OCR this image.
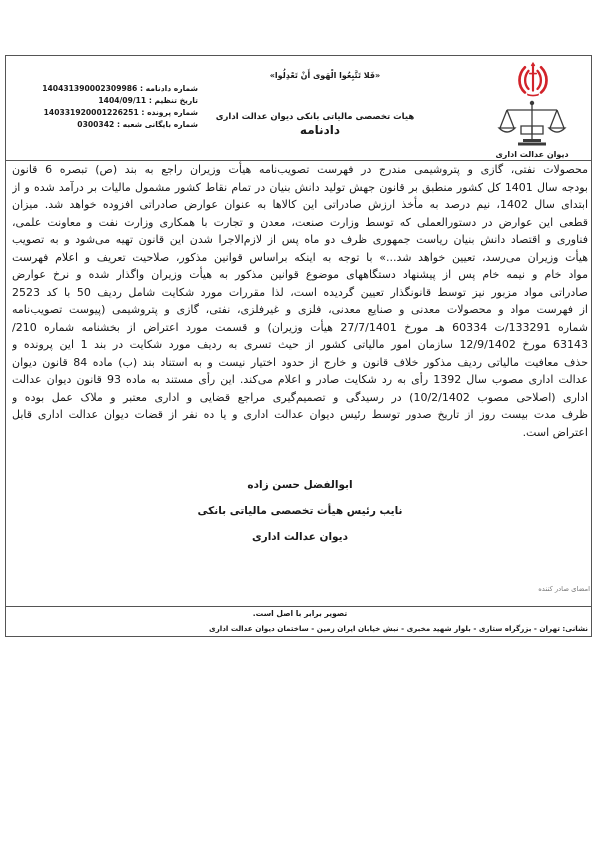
دیوان عدالت اداری
«فَلا تَتَّبِعُوا الْهَوى أَنْ تَعْدِلُوا»
هیات تخصصی مالیاتی بانکی دیوان عدالت اداری
دادنامه
شماره دادنامه : 140431390002309986
تاریخ تنظیم : 1404/09/11
شماره پرونده : 140331920001226251
شماره بایگانی شعبه : 0300342
محصولات نفتی، گازی و پتروشیمی مندرج در فهرست تصویب‌نامه هیأت وزیران راجع به بند (ص) تبصره 6 قانون
بودجه سال 1401 کل کشور منطبق بر قانون جهش تولید دانش بنیان در تمام نقاط کشور مشمول مالیات بر درآمد شده و از
ابتدای سال 1402، نیم درصد به مأخذ ارزش صادراتی این کالاها به عنوان عوارض صادراتی افزوده خواهد شد. میزان
قطعی این عوارض در دستورالعملی که توسط وزارت صنعت، معدن و تجارت با همکاری وزارت نفت و معاونت علمی،
فناوری و اقتصاد دانش بنیان ریاست جمهوری ظرف دو ماه پس از لازم‌الاجرا شدن این قانون تهیه می‌شود و به تصویب
هیأت وزیران می‌رسد، تعیین خواهد شد...» با توجه به اینکه براساس قوانین مذکور، صلاحیت تعریف و اعلام فهرست
مواد خام و نیمه خام پس از پیشنهاد دستگاههای موضوع قوانین مذکور به هیأت وزیران واگذار شده و نرخ عوارض
صادراتی مواد مزبور نیز توسط قانونگذار تعیین گردیده است، لذا مقررات مورد شکایت شامل ردیف 50 با کد 2523
از فهرست مواد و محصولات معدنی و صنایع معدنی، فلزی و غیرفلزی، نفتی، گازی و پتروشیمی (پیوست تصویب‌نامه
شماره 133291/ت 60334 هـ مورخ 27/7/1401 هیأت وزیران) و قسمت مورد اعتراض از بخشنامه شماره 210/
63143 مورخ 12/9/1402 سازمان امور مالیاتی کشور از حیث تسری به ردیف مورد شکایت در بند 1 این پرونده و
حذف معافیت مالیاتی ردیف مذکور خلاف قانون و خارج از حدود اختیار نیست و به استناد بند (ب) ماده 84 قانون دیوان
عدالت اداری مصوب سال 1392 رأی به رد شکایت صادر و اعلام می‌کند. این رأی مستند به ماده 93 قانون دیوان عدالت
اداری (اصلاحی مصوب 10/2/1402) در رسیدگی و تصمیم‌گیری مراجع قضایی و اداری معتبر و ملاک عمل بوده و
ظرف مدت بیست روز از تاریخ صدور توسط رئیس دیوان عدالت اداری و یا ده نفر از قضات دیوان عدالت اداری قابل
اعتراض است.
ابوالفضل حسن زاده
نایب رئیس هیأت تخصصی مالیاتی بانکی
دیوان عدالت اداری
امضای صادر کننده
تصویر برابر با اصل است.
نشانی: تهران - بزرگراه ستاری - بلوار شهید مخبری - نبش خیابان ایران زمین - ساختمان دیوان عدالت اداری
